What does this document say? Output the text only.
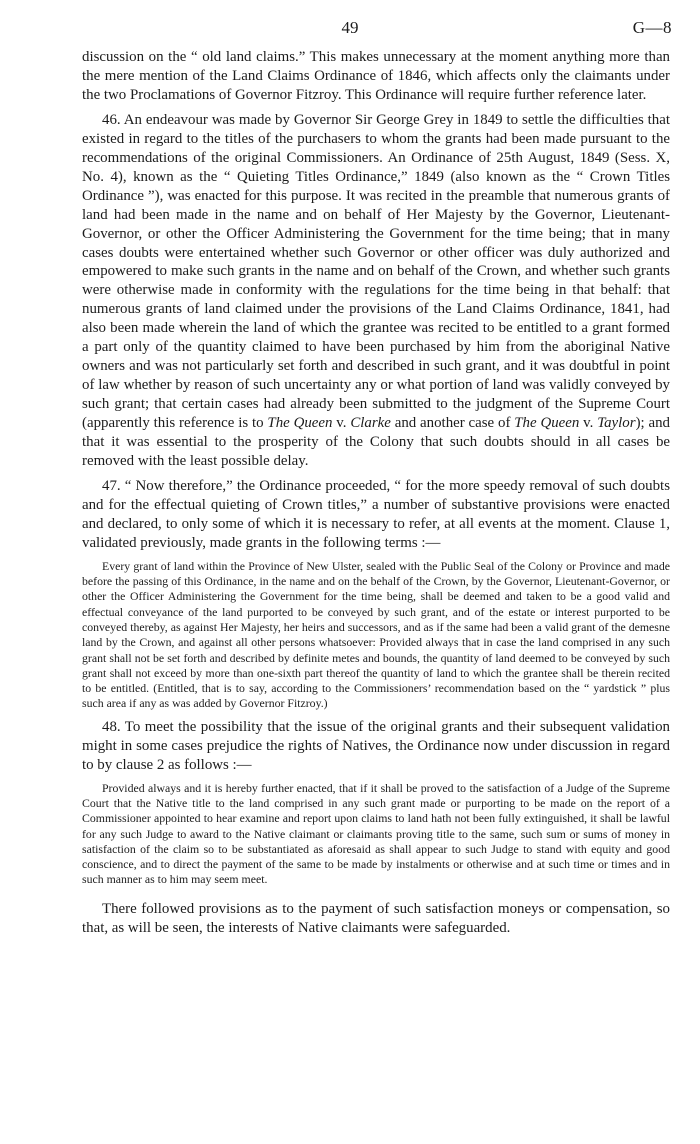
49	G—8

discussion on the “ old land claims.” This makes unnecessary at the moment anything more than the mere mention of the Land Claims Ordinance of 1846, which affects only the claimants under the two Proclamations of Governor Fitzroy. This Ordinance will require further reference later.

46. An endeavour was made by Governor Sir George Grey in 1849 to settle the difficulties that existed in regard to the titles of the purchasers to whom the grants had been made pursuant to the recommendations of the original Commissioners. An Ordinance of 25th August, 1849 (Sess. X, No. 4), known as the “ Quieting Titles Ordinance,” 1849 (also known as the “ Crown Titles Ordinance ”), was enacted for this purpose. It was recited in the preamble that numerous grants of land had been made in the name and on behalf of Her Majesty by the Governor, Lieutenant-Governor, or other the Officer Administering the Government for the time being; that in many cases doubts were entertained whether such Governor or other officer was duly authorized and empowered to make such grants in the name and on behalf of the Crown, and whether such grants were otherwise made in conformity with the regulations for the time being in that behalf: that numerous grants of land claimed under the provisions of the Land Claims Ordinance, 1841, had also been made wherein the land of which the grantee was recited to be entitled to a grant formed a part only of the quantity claimed to have been purchased by him from the aboriginal Native owners and was not particularly set forth and described in such grant, and it was doubtful in point of law whether by reason of such uncertainty any or what portion of land was validly conveyed by such grant; that certain cases had already been submitted to the judgment of the Supreme Court (apparently this reference is to The Queen v. Clarke and another case of The Queen v. Taylor); and that it was essential to the prosperity of the Colony that such doubts should in all cases be removed with the least possible delay.

47. “ Now therefore,” the Ordinance proceeded, “ for the more speedy removal of such doubts and for the effectual quieting of Crown titles,” a number of substantive provisions were enacted and declared, to only some of which it is necessary to refer, at all events at the moment. Clause 1, validated previously, made grants in the following terms :—

Every grant of land within the Province of New Ulster, sealed with the Public Seal of the Colony or Province and made before the passing of this Ordinance, in the name and on the behalf of the Crown, by the Governor, Lieutenant-Governor, or other the Officer Administering the Government for the time being, shall be deemed and taken to be a good valid and effectual conveyance of the land purported to be conveyed by such grant, and of the estate or interest purported to be conveyed thereby, as against Her Majesty, her heirs and successors, and as if the same had been a valid grant of the demesne land by the Crown, and against all other persons whatsoever: Provided always that in case the land comprised in any such grant shall not be set forth and described by definite metes and bounds, the quantity of land deemed to be conveyed by such grant shall not exceed by more than one-sixth part thereof the quantity of land to which the grantee shall be therein recited to be entitled. (Entitled, that is to say, according to the Commissioners’ recommendation based on the “ yardstick ” plus such area if any as was added by Governor Fitzroy.)

48. To meet the possibility that the issue of the original grants and their subsequent validation might in some cases prejudice the rights of Natives, the Ordinance now under discussion in regard to by clause 2 as follows :—

Provided always and it is hereby further enacted, that if it shall be proved to the satisfaction of a Judge of the Supreme Court that the Native title to the land comprised in any such grant made or purporting to be made on the report of a Commissioner appointed to hear examine and report upon claims to land hath not been fully extinguished, it shall be lawful for any such Judge to award to the Native claimant or claimants proving title to the same, such sum or sums of money in satisfaction of the claim so to be substantiated as aforesaid as shall appear to such Judge to stand with equity and good conscience, and to direct the payment of the same to be made by instalments or otherwise and at such time or times and in such manner as to him may seem meet.

There followed provisions as to the payment of such satisfaction moneys or compensation, so that, as will be seen, the interests of Native claimants were safeguarded.
